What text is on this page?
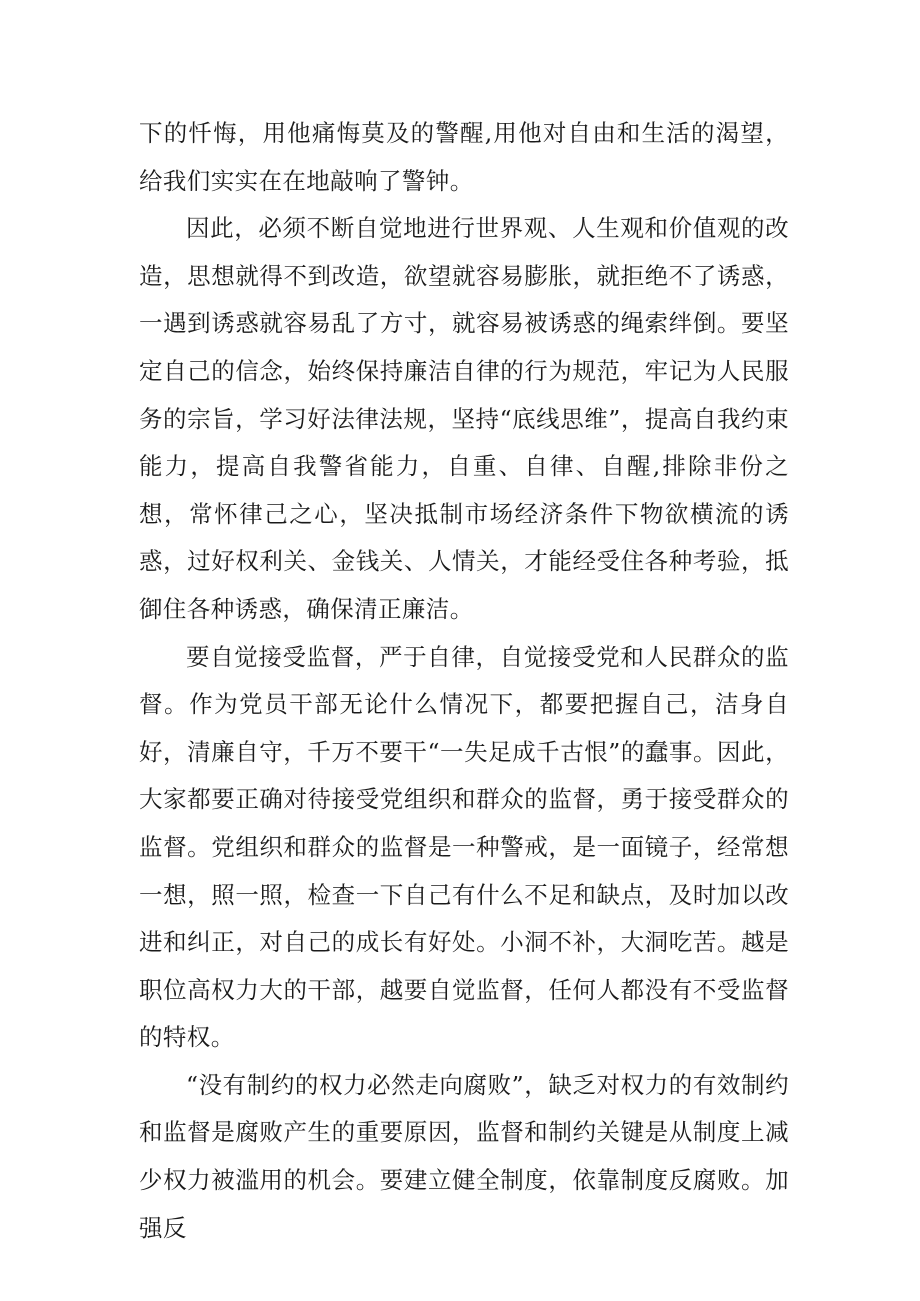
下的忏悔，用他痛悔莫及的警醒,用他对自由和生活的渴望，给我们实实在在地敲响了警钟。

因此，必须不断自觉地进行世界观、人生观和价值观的改造，思想就得不到改造，欲望就容易膨胀，就拒绝不了诱惑，一遇到诱惑就容易乱了方寸，就容易被诱惑的绳索绊倒。要坚定自己的信念，始终保持廉洁自律的行为规范，牢记为人民服务的宗旨，学习好法律法规，坚持“底线思维”，提高自我约束能力，提高自我警省能力，自重、自律、自醒,排除非份之想，常怀律己之心，坚决抵制市场经济条件下物欲横流的诱惑，过好权利关、金钱关、人情关，才能经受住各种考验，抵御住各种诱惑，确保清正廉洁。

要自觉接受监督，严于自律，自觉接受党和人民群众的监督。作为党员干部无论什么情况下，都要把握自己，洁身自好，清廉自守，千万不要干“一失足成千古恨”的蠢事。因此，大家都要正确对待接受党组织和群众的监督，勇于接受群众的监督。党组织和群众的监督是一种警戒，是一面镜子，经常想一想，照一照，检查一下自己有什么不足和缺点，及时加以改进和纠正，对自己的成长有好处。小洞不补，大洞吃苦。越是职位高权力大的干部，越要自觉监督，任何人都没有不受监督的特权。

“没有制约的权力必然走向腐败”，缺乏对权力的有效制约和监督是腐败产生的重要原因，监督和制约关键是从制度上减少权力被滥用的机会。要建立健全制度，依靠制度反腐败。加强反
